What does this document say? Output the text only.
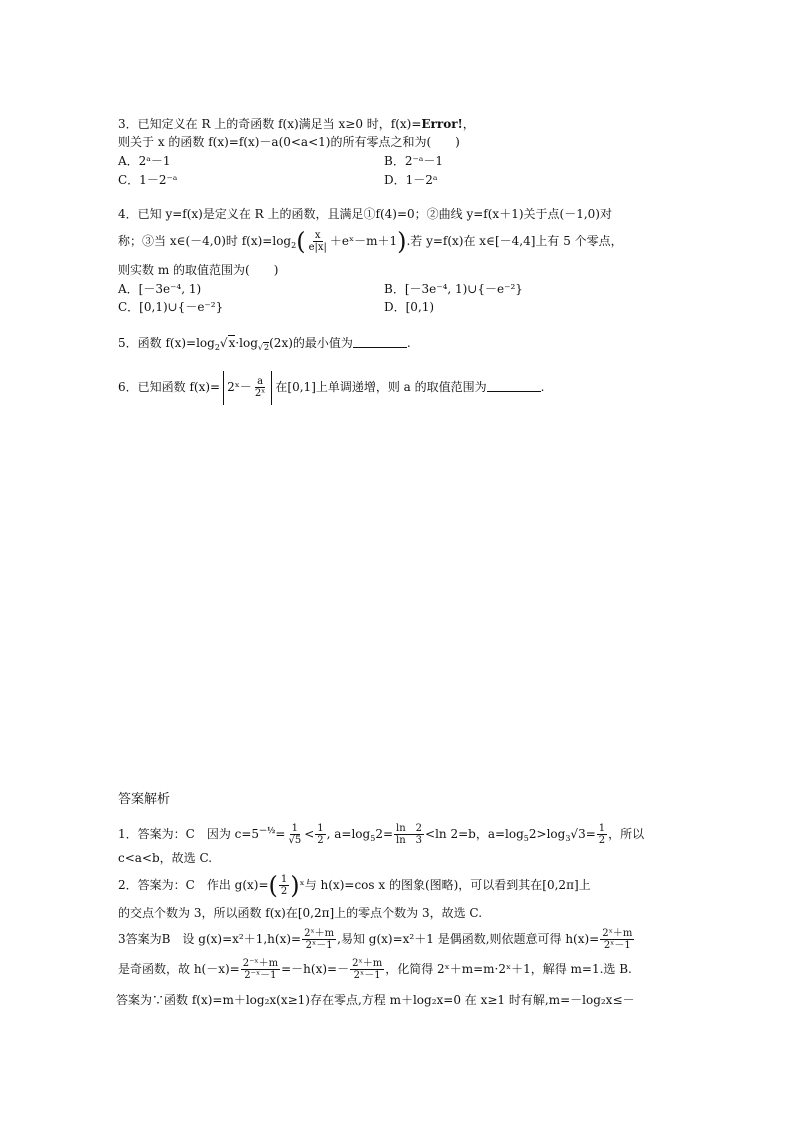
3．已知定义在 R 上的奇函数 f(x)满足当 x≥0 时，f(x)=Error!，
则关于 x 的函数 f(x)=f(x)－a(0<a<1)的所有零点之和为(　　)
A．2ᵃ－1	B．2⁻ᵃ－1
C．1－2⁻ᵃ	D．1－2ᵃ
4．已知 y=f(x)是定义在 R 上的函数，且满足①f(4)=0；②曲线 y=f(x＋1)关于点(－1,0)对
称；③当 x∈(－4,0)时 $f(x)=\log_2( \frac{x}{e|x|}$ ＋eˣ－m＋1).若 y=f(x)在 x∈[－4,4]上有 5 个零点，
则实数 m 的取值范围为(　　)
A．[－3e⁻⁴, 1)	B．[－3e⁻⁴, 1)∪{－e⁻²}
C．[0,1)∪{－e⁻²}	D．[0,1)
5．函数 $f(x)=\log_2√x\cdot\log_{√2}(2x)$的最小值为	.
6．已知函数 f(x)= 2ˣ－ $\frac{a}{\text{2ˣ}}$ 在[0,1]上单调递增，则 a 的取值范围为	.
答案解析
1．答案为：C　因为 $c=5^{-\frac{1}{2}}= \frac{1}{√5} < \frac{1}{2}$ , $a=\log_52= \frac{\ln 2}{\ln 3} <\ln$ 2=b，$a=\log_52>\log_3√3= \frac{1}{2}$ ，所以
c<a<b，故选 C.
2．答案为：C　作出 $g(x)=( \frac{1}{2}$ )ˣ与 h(x)=cos x 的图象(图略)，可以看到其在[0,2π]上
的交点个数为 3，所以函数 f(x)在[0,2π]上的零点个数为 3，故选 C.
3答案为B　设 $g(x)=x^2+1,h(x)= \frac{\text{2ˣ＋m}}{\text{2ˣ－1}}$ ,易知 g(x)=x²＋1 是偶函数,则依题意可得 $h(x)= \frac{\text{2ˣ＋m}}{\text{2ˣ－1}}$
是奇函数，故 $h(-x)= \frac{\text{2⁻ˣ＋m}}{\text{2⁻ˣ－1}} =-h(x)=- \frac{\text{2ˣ＋m}}{\text{2ˣ－1}}$ ，化简得 2ˣ＋m=m·2ˣ＋1，解得 m=1.选 B.
答案为∵函数 f(x)=m＋log₂x(x≥1)存在零点,方程 m＋log₂x=0 在 x≥1 时有解,m=－log₂x≤－
